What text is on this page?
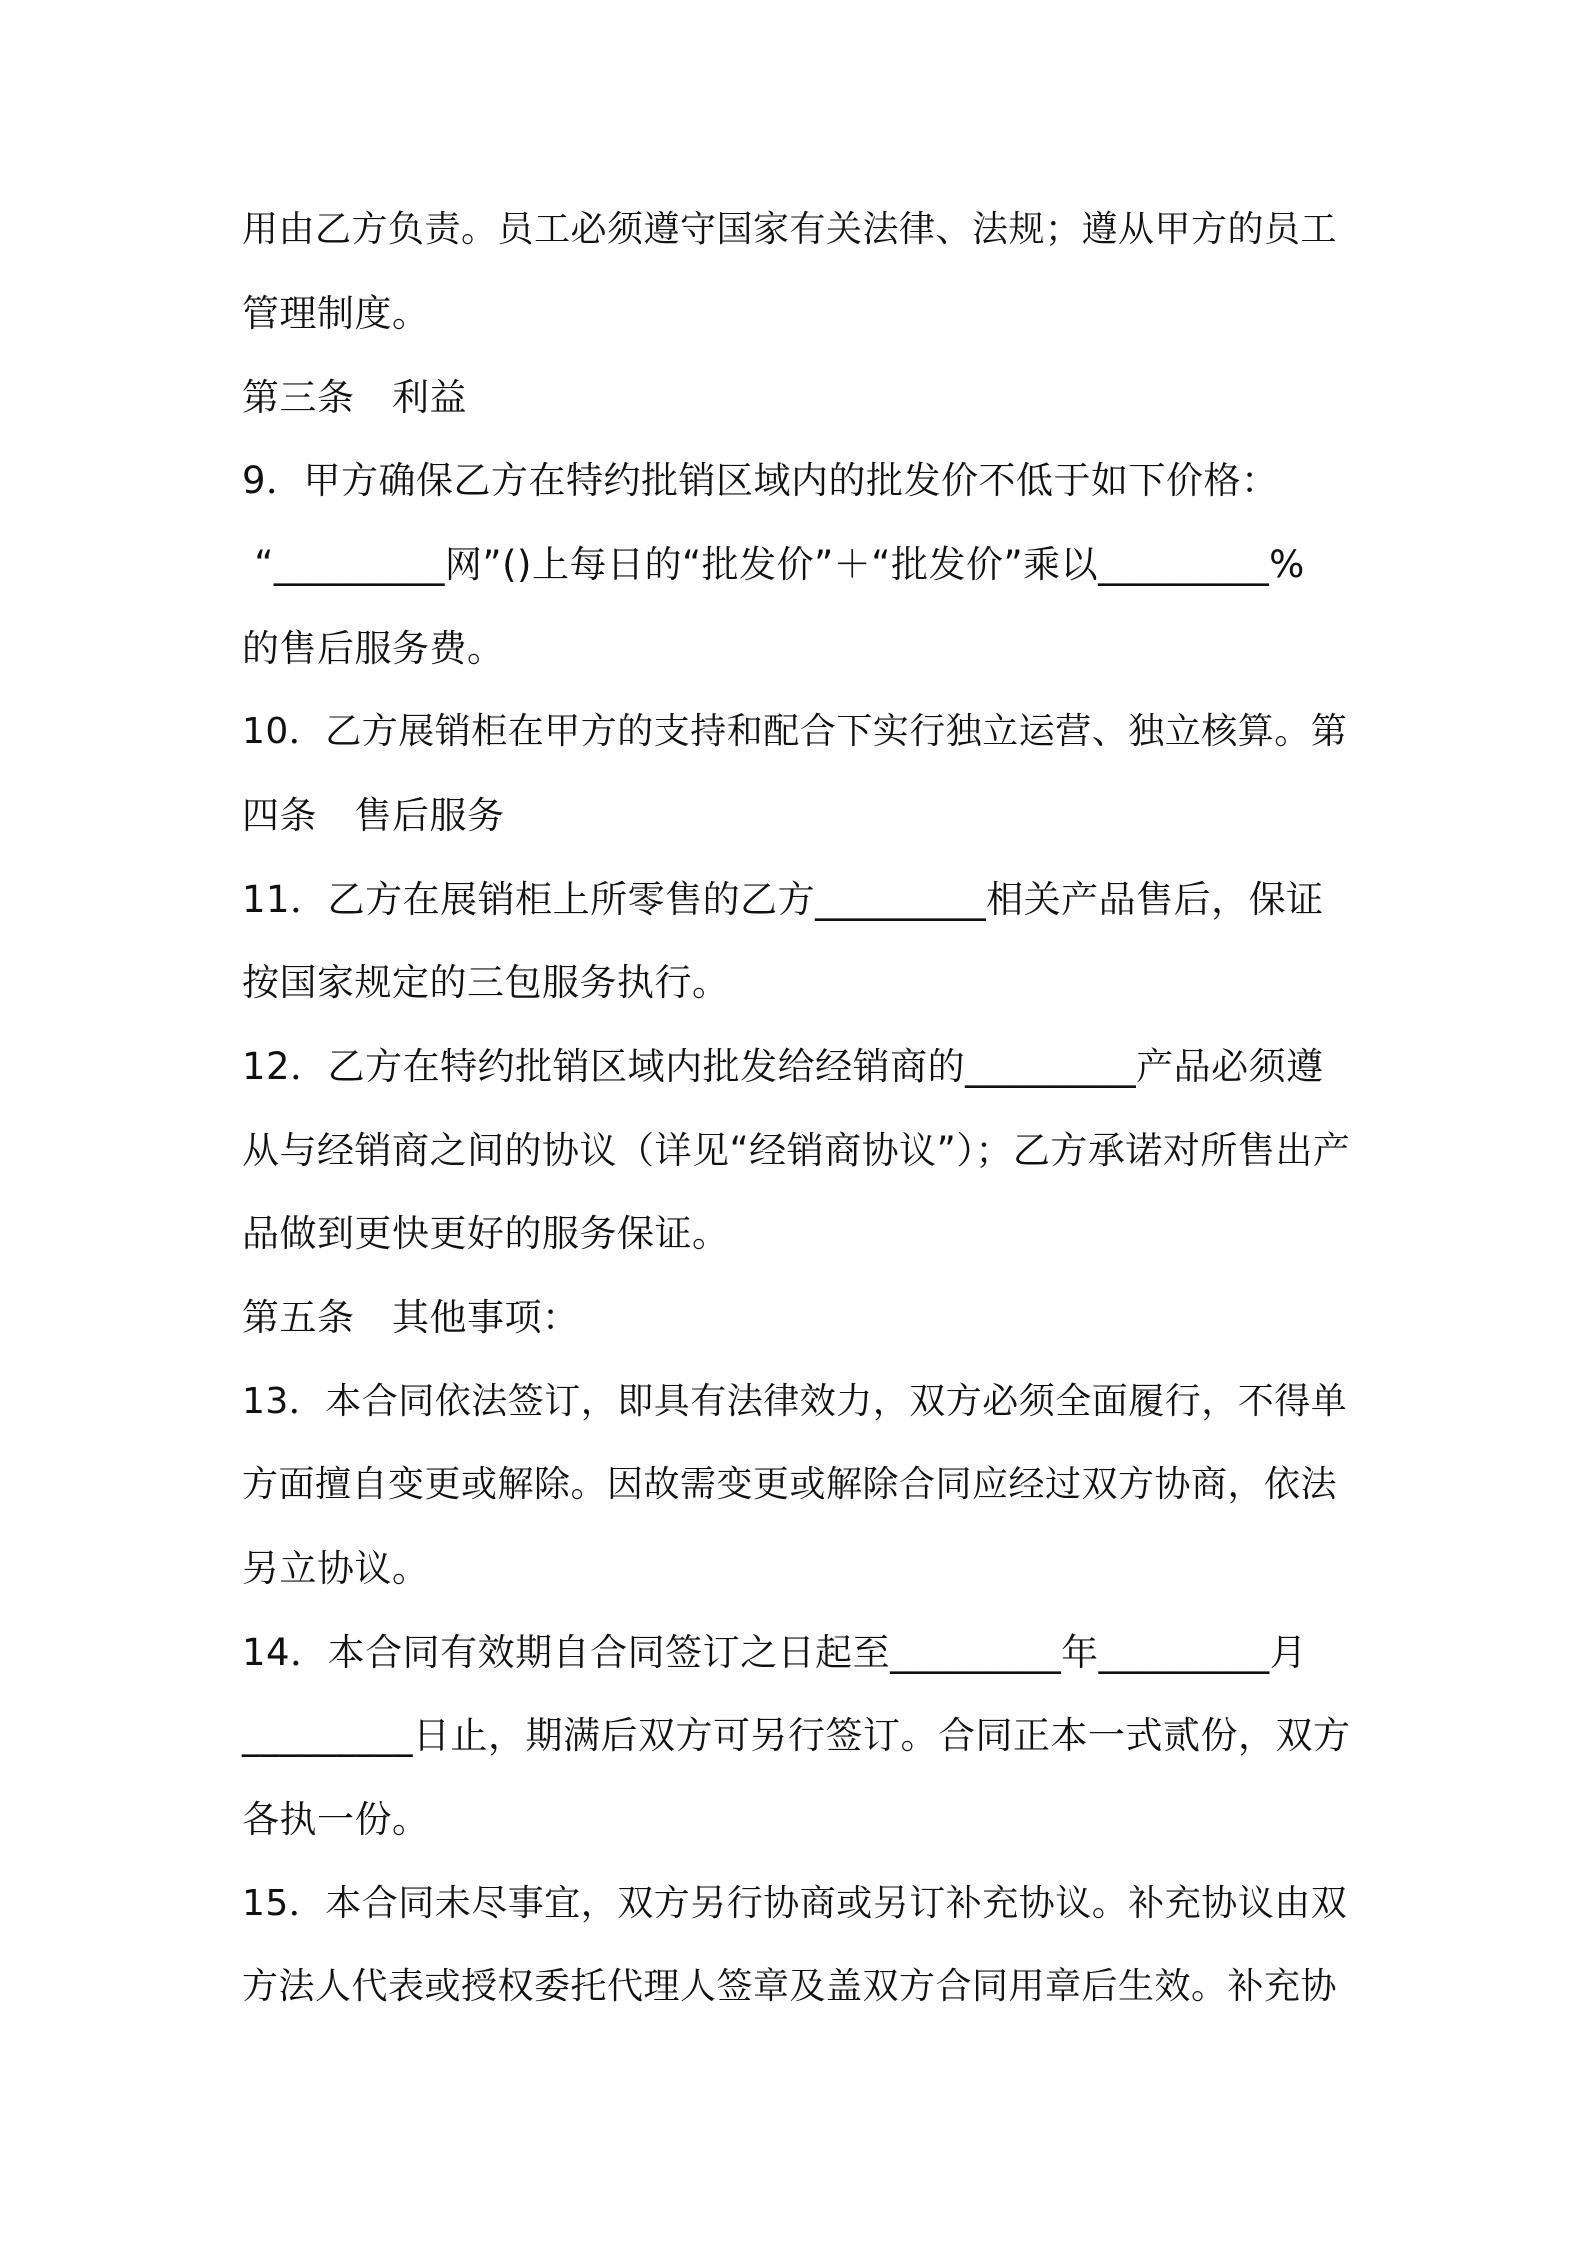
用由乙方负责。员工必须遵守国家有关法律、法规；遵从甲方的员工
管理制度。
第三条　利益
9．甲方确保乙方在特约批销区域内的批发价不低于如下价格：
“_________网”()上每日的“批发价”＋“批发价”乘以_________%
的售后服务费。
10．乙方展销柜在甲方的支持和配合下实行独立运营、独立核算。第
四条　售后服务
11．乙方在展销柜上所零售的乙方_________相关产品售后，保证
按国家规定的三包服务执行。
12．乙方在特约批销区域内批发给经销商的_________产品必须遵
从与经销商之间的协议（详见“经销商协议”）；乙方承诺对所售出产
品做到更快更好的服务保证。
第五条　其他事项：
13．本合同依法签订，即具有法律效力，双方必须全面履行，不得单
方面擅自变更或解除。因故需变更或解除合同应经过双方协商，依法
另立协议。
14．本合同有效期自合同签订之日起至_________年_________月
_________日止，期满后双方可另行签订。合同正本一式贰份，双方
各执一份。
15．本合同未尽事宜，双方另行协商或另订补充协议。补充协议由双
方法人代表或授权委托代理人签章及盖双方合同用章后生效。补充协
